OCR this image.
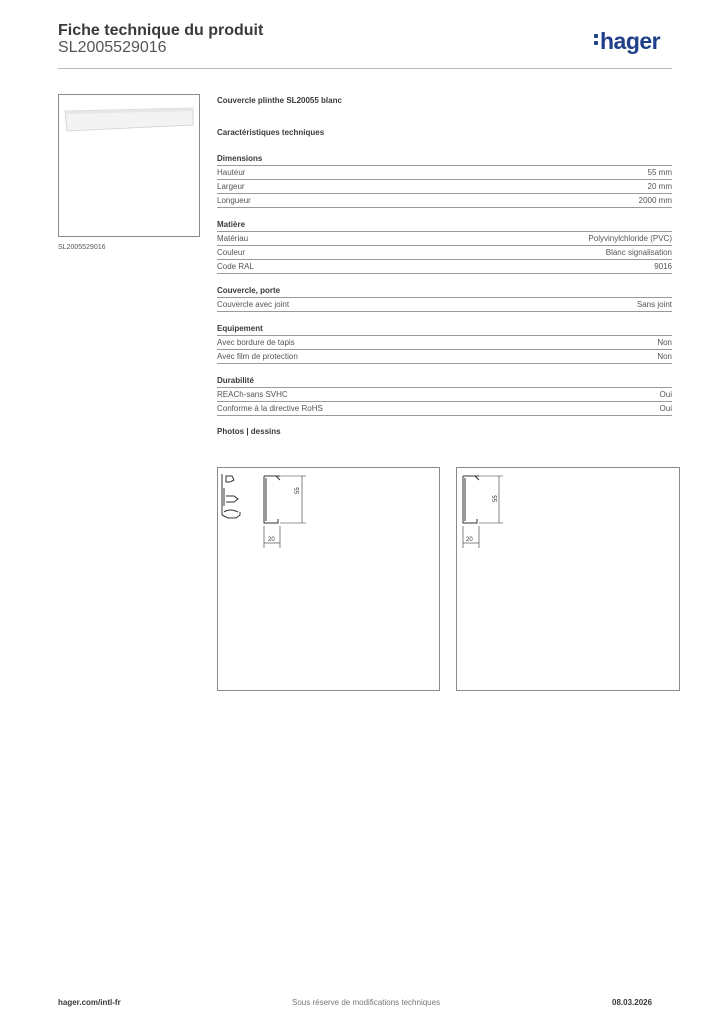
Fiche technique du produit
SL2005529016	hager
SL2005529016
Couvercle plinthe SL20055 blanc
Caractéristiques techniques
Dimensions
Hauteur	55 mm
Largeur	20 mm
Longueur	2000 mm
Matière
Matériau	Polyvinylchloride (PVC)
Couleur	Blanc signalisation
Code RAL	9016
Couvercle, porte
Couvercle avec joint	Sans joint
Equipement
Avec bordure de tapis	Non
Avec film de protection	Non
Durabilité
REACh-sans SVHC	Oui
Conforme à la directive RoHS	Oui
Photos | dessins
55
20
55
20
hager.com/intl-fr	Sous réserve de modifications techniques	08.03.2026
